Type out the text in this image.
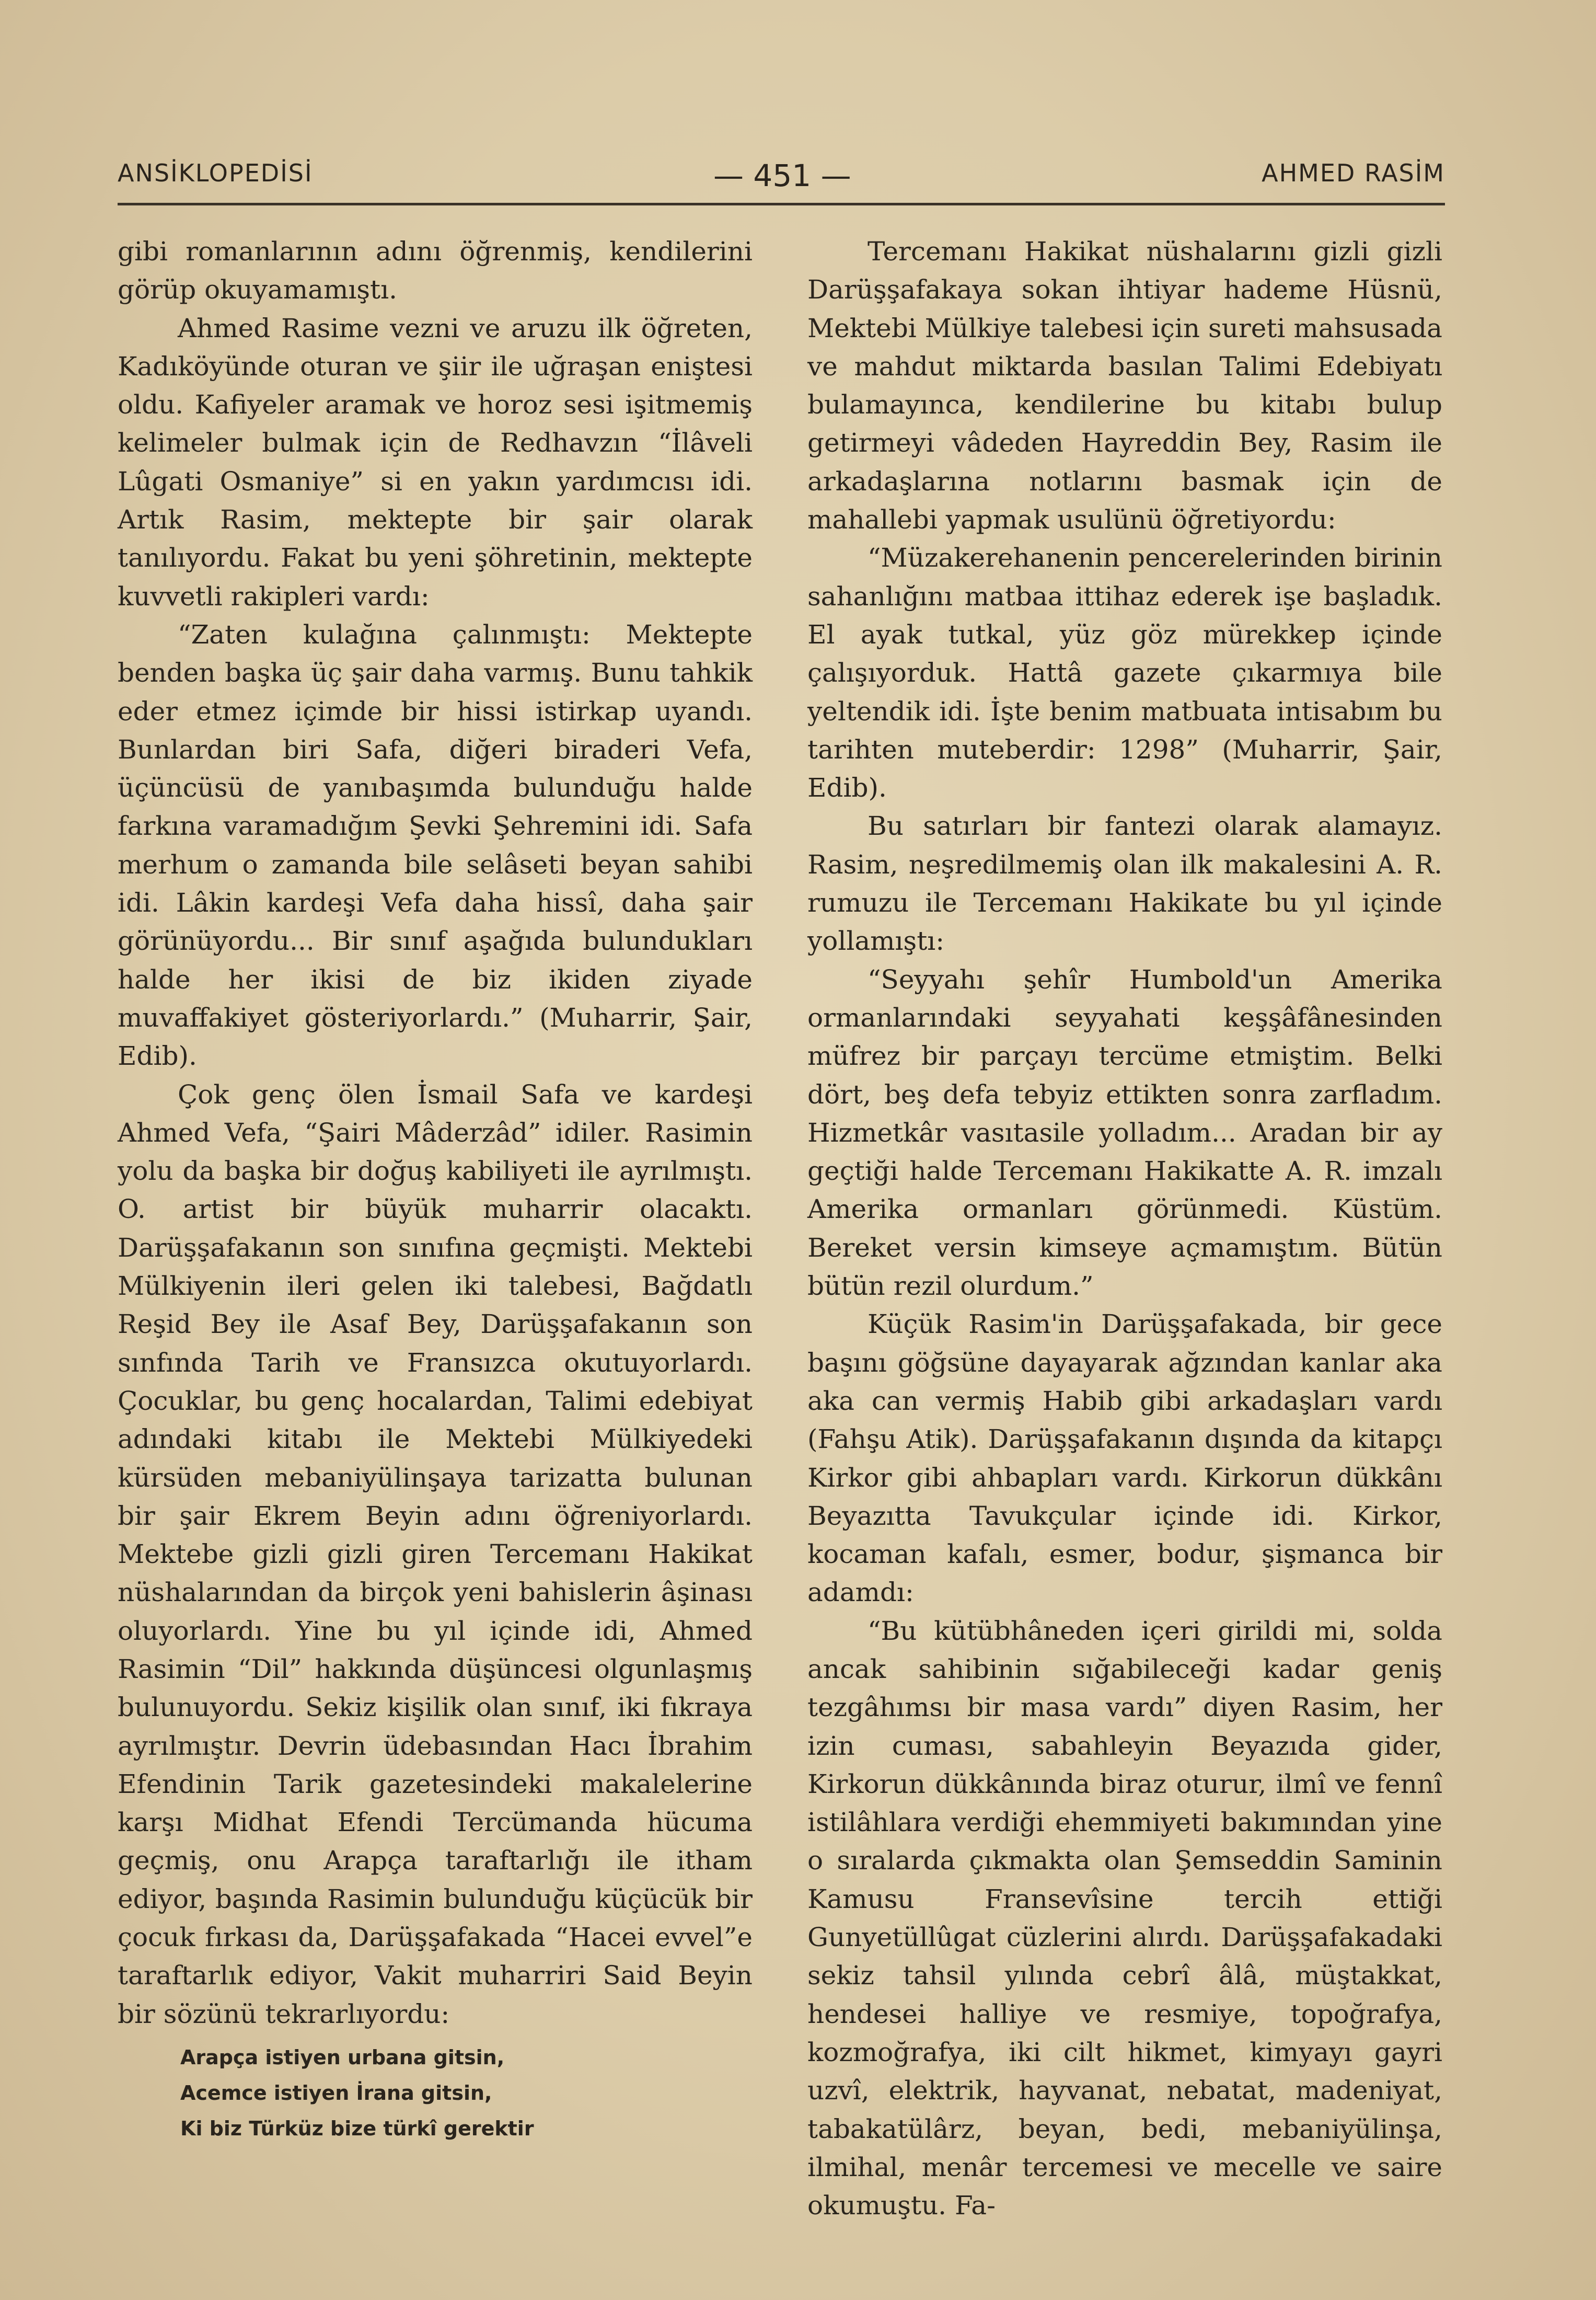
ANSİKLOPEDİSİ	— 451 —	AHMED RASİM

gibi romanlarının adını öğrenmiş, kendilerini görüp okuyamamıştı.

Ahmed Rasime vezni ve aruzu ilk öğreten, Kadıköyünde oturan ve şiir ile uğraşan eniştesi oldu. Kafiyeler aramak ve horoz sesi işitmemiş kelimeler bulmak için de Redhavzın “İlâveli Lûgati Osmaniye” si en yakın yardımcısı idi. Artık Rasim, mektepte bir şair olarak tanılıyordu. Fakat bu yeni şöhretinin, mektepte kuvvetli rakipleri vardı:

“Zaten kulağına çalınmıştı: Mektepte benden başka üç şair daha varmış. Bunu tahkik eder etmez içimde bir hissi istirkap uyandı. Bunlardan biri Safa, diğeri biraderi Vefa, üçüncüsü de yanıbaşımda bulunduğu halde farkına varamadığım Şevki Şehremini idi. Safa merhum o zamanda bile selâseti beyan sahibi idi. Lâkin kardeşi Vefa daha hissî, daha şair görünüyordu... Bir sınıf aşağıda bulundukları halde her ikisi de biz ikiden ziyade muvaffakiyet gösteriyorlardı.” (Muharrir, Şair, Edib).

Çok genç ölen İsmail Safa ve kardeşi Ahmed Vefa, “Şairi Mâderzâd” idiler. Rasimin yolu da başka bir doğuş kabiliyeti ile ayrılmıştı. O. artist bir büyük muharrir olacaktı. Darüşşafakanın son sınıfına geçmişti. Mektebi Mülkiyenin ileri gelen iki talebesi, Bağdatlı Reşid Bey ile Asaf Bey, Darüşşafakanın son sınfında Tarih ve Fransızca okutuyorlardı. Çocuklar, bu genç hocalardan, Talimi edebiyat adındaki kitabı ile Mektebi Mülkiyedeki kürsüden mebaniyülinşaya tarizatta bulunan bir şair Ekrem Beyin adını öğreniyorlardı. Mektebe gizli gizli giren Tercemanı Hakikat nüshalarından da birçok yeni bahislerin âşinası oluyorlardı. Yine bu yıl içinde idi, Ahmed Rasimin “Dil” hakkında düşüncesi olgunlaşmış bulunuyordu. Sekiz kişilik olan sınıf, iki fıkraya ayrılmıştır. Devrin üdebasından Hacı İbrahim Efendinin Tarik gazetesindeki makalelerine karşı Midhat Efendi Tercümanda hücuma geçmiş, onu Arapça taraftarlığı ile itham ediyor, başında Rasimin bulunduğu küçücük bir çocuk fırkası da, Darüşşafakada “Hacei evvel”e taraftarlık ediyor, Vakit muharriri Said Beyin bir sözünü tekrarlıyordu:

Arapça istiyen urbana gitsin,
Acemce istiyen İrana gitsin,
Ki biz Türküz bize türkî gerektir

Tercemanı Hakikat nüshalarını gizli gizli Darüşşafakaya sokan ihtiyar hademe Hüsnü, Mektebi Mülkiye talebesi için sureti mahsusada ve mahdut miktarda basılan Talimi Edebiyatı bulamayınca, kendilerine bu kitabı bulup getirmeyi vâdeden Hayreddin Bey, Rasim ile arkadaşlarına notlarını basmak için de mahallebi yapmak usulünü öğretiyordu:

“Müzakerehanenin pencerelerinden birinin sahanlığını matbaa ittihaz ederek işe başladık. El ayak tutkal, yüz göz mürekkep içinde çalışıyorduk. Hattâ gazete çıkarmıya bile yeltendik idi. İşte benim matbuata intisabım bu tarihten muteberdir: 1298” (Muharrir, Şair, Edib).

Bu satırları bir fantezi olarak alamayız. Rasim, neşredilmemiş olan ilk makalesini A. R. rumuzu ile Tercemanı Hakikate bu yıl içinde yollamıştı:

“Seyyahı şehîr Humbold'un Amerika ormanlarındaki seyyahati keşşâfânesinden müfrez bir parçayı tercüme etmiştim. Belki dört, beş defa tebyiz ettikten sonra zarfladım. Hizmetkâr vasıtasile yolladım... Aradan bir ay geçtiği halde Tercemanı Hakikatte A. R. imzalı Amerika ormanları görünmedi. Küstüm. Bereket versin kimseye açmamıştım. Bütün bütün rezil olurdum.”

Küçük Rasim'in Darüşşafakada, bir gece başını göğsüne dayayarak ağzından kanlar aka aka can vermiş Habib gibi arkadaşları vardı (Fahşu Atik). Darüşşafakanın dışında da kitapçı Kirkor gibi ahbapları vardı. Kirkorun dükkânı Beyazıtta Tavukçular içinde idi. Kirkor, kocaman kafalı, esmer, bodur, şişmanca bir adamdı:

“Bu kütübhâneden içeri girildi mi, solda ancak sahibinin sığabileceği kadar geniş tezgâhımsı bir masa vardı” diyen Rasim, her izin cuması, sabahleyin Beyazıda gider, Kirkorun dükkânında biraz oturur, ilmî ve fennî istilâhlara verdiği ehemmiyeti bakımından yine o sıralarda çıkmakta olan Şemseddin Saminin Kamusu Fransevîsine tercih ettiği Gunyetüllûgat cüzlerini alırdı. Darüşşafakadaki sekiz tahsil yılında cebrî âlâ, müştakkat, hendesei halliye ve resmiye, topoğrafya, kozmoğrafya, iki cilt hikmet, kimyayı gayri uzvî, elektrik, hayvanat, nebatat, madeniyat, tabakatülârz, beyan, bedi, mebaniyülinşa, ilmihal, menâr tercemesi ve mecelle ve saire okumuştu. Fa-
